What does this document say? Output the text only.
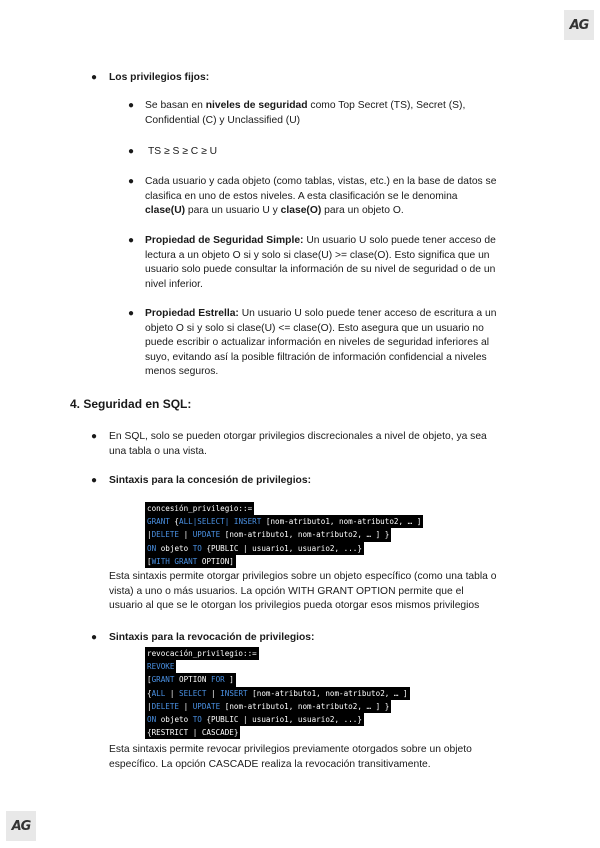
AG
AG
● Los privilegios fijos:
● Se basan en niveles de seguridad como Top Secret (TS), Secret (S),
Confidential (C) y Unclassified (U)
● TS ≥ S ≥ C ≥ U
● Cada usuario y cada objeto (como tablas, vistas, etc.) en la base de datos se
clasifica en uno de estos niveles. A esta clasificación se le denomina
clase(U) para un usuario U y clase(O) para un objeto O.
● Propiedad de Seguridad Simple: Un usuario U solo puede tener acceso de
lectura a un objeto O si y solo si clase(U) >= clase(O). Esto significa que un
usuario solo puede consultar la información de su nivel de seguridad o de un
nivel inferior.
● Propiedad Estrella: Un usuario U solo puede tener acceso de escritura a un
objeto O si y solo si clase(U) <= clase(O). Esto asegura que un usuario no
puede escribir o actualizar información en niveles de seguridad inferiores al
suyo, evitando así la posible filtración de información confidencial a niveles
menos seguros.
4. Seguridad en SQL:
● En SQL, solo se pueden otorgar privilegios discrecionales a nivel de objeto, ya sea
una tabla o una vista.
● Sintaxis para la concesión de privilegios:
concesión_privilegio::=
GRANT {ALL|SELECT| INSERT [nom-atributo1, nom-atributo2, … ]
|DELETE | UPDATE [nom-atributo1, nom-atributo2, … ] }
ON objeto TO {PUBLIC | usuario1, usuario2, ...}
[WITH GRANT OPTION]
Esta sintaxis permite otorgar privilegios sobre un objeto específico (como una tabla o
vista) a uno o más usuarios. La opción WITH GRANT OPTION permite que el
usuario al que se le otorgan los privilegios pueda otorgar esos mismos privilegios
● Sintaxis para la revocación de privilegios:
revocación_privilegio::=
REVOKE
[GRANT OPTION FOR ]
{ALL | SELECT | INSERT [nom-atributo1, nom-atributo2, … ]
|DELETE | UPDATE [nom-atributo1, nom-atributo2, … ] }
ON objeto TO {PUBLIC | usuario1, usuario2, ...}
{RESTRICT | CASCADE}
Esta sintaxis permite revocar privilegios previamente otorgados sobre un objeto
específico. La opción CASCADE realiza la revocación transitivamente.
